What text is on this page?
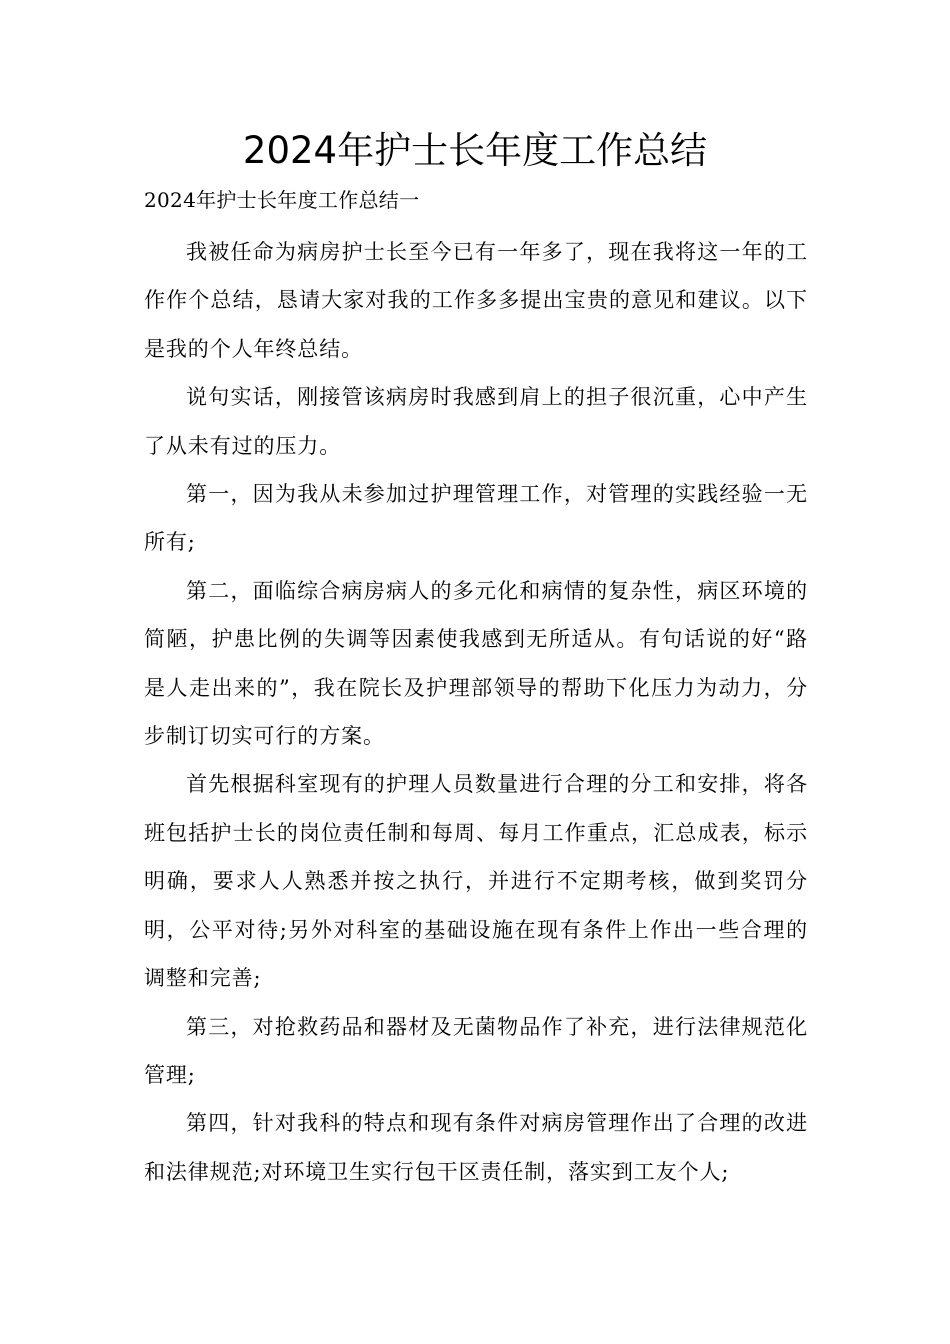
2024年护士长年度工作总结

2024年护士长年度工作总结一

我被任命为病房护士长至今已有一年多了，现在我将这一年的工作作个总结，恳请大家对我的工作多多提出宝贵的意见和建议。以下是我的个人年终总结。

说句实话，刚接管该病房时我感到肩上的担子很沉重，心中产生了从未有过的压力。

第一，因为我从未参加过护理管理工作，对管理的实践经验一无所有;

第二，面临综合病房病人的多元化和病情的复杂性，病区环境的简陋，护患比例的失调等因素使我感到无所适从。有句话说的好“路是人走出来的”，我在院长及护理部领导的帮助下化压力为动力，分步制订切实可行的方案。

首先根据科室现有的护理人员数量进行合理的分工和安排，将各班包括护士长的岗位责任制和每周、每月工作重点，汇总成表，标示明确，要求人人熟悉并按之执行，并进行不定期考核，做到奖罚分明，公平对待;另外对科室的基础设施在现有条件上作出一些合理的调整和完善;

第三，对抢救药品和器材及无菌物品作了补充，进行法律规范化管理;

第四，针对我科的特点和现有条件对病房管理作出了合理的改进和法律规范;对环境卫生实行包干区责任制，落实到工友个人;
